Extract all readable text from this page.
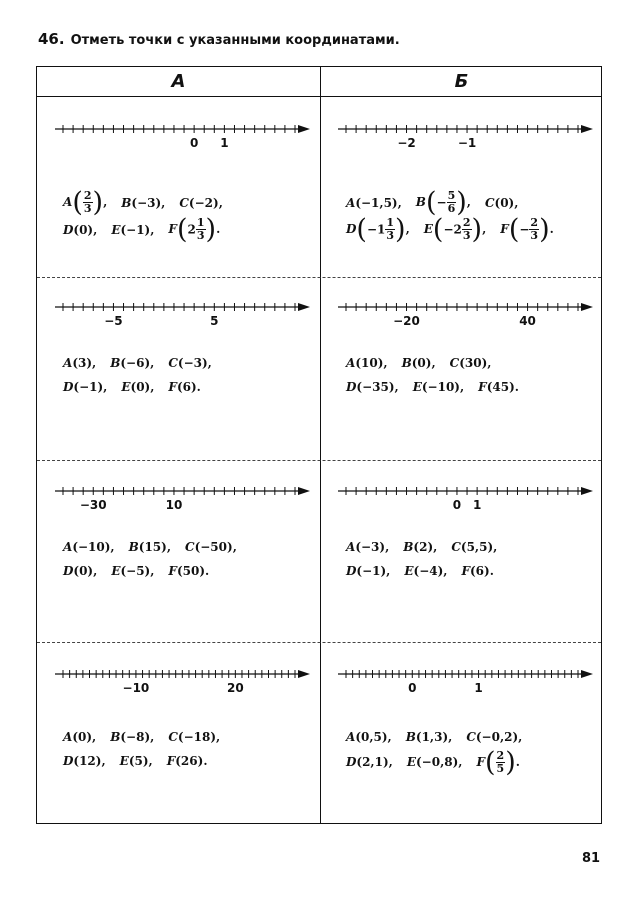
46. Отметь точки с указанными координатами.
А	Б
0 1
$A( \frac{2}{3}$ ), B(−3), C(−2),
D(0), E(−1), $F(2 \frac{1}{3}$ ).
−2	−1
A(−1,5), $B(- \frac{5}{6}$ ), C(0),
$D(-1 \frac{1}{3}$ ), $E(-2 \frac{2}{3}$ ), $F(- \frac{2}{3}$ ).
−5	5
A(3), B(−6), C(−3),
D(−1), E(0), F(6).
−20	40
A(10), B(0), C(30),
D(−35), E(−10), F(45).
−30	10
A(−10), B(15), C(−50),
D(0), E(−5), F(50).
0 1
A(−3), B(2), C(5,5),
D(−1), E(−4), F(6).
−10	20
A(0), B(−8), C(−18),
D(12), E(5), F(26).
0	1
A(0,5), B(1,3), C(−0,2),
D(2,1), E(−0,8), $F( \frac{2}{5}$ ).
81
